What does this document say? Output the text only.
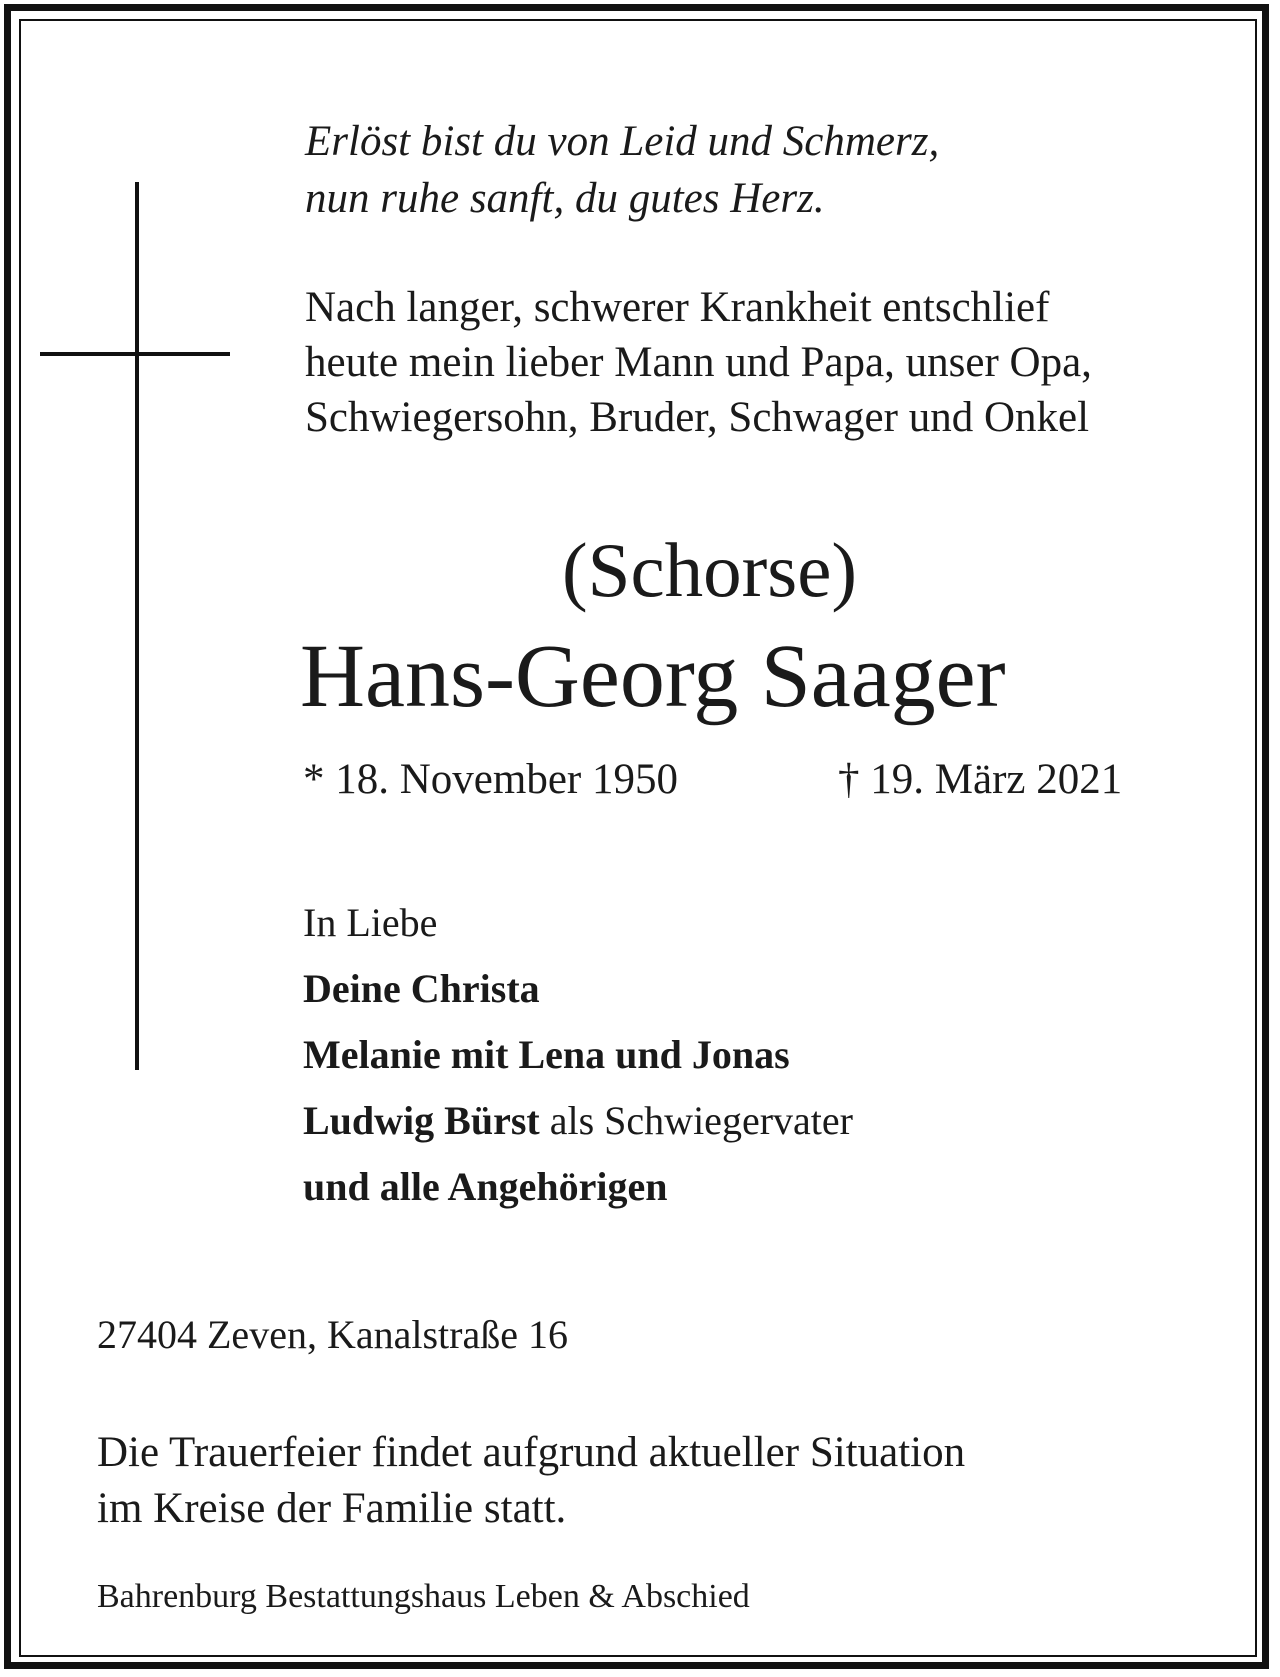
Erlöst bist du von Leid und Schmerz,
nun ruhe sanft, du gutes Herz.
Nach langer, schwerer Krankheit entschlief
heute mein lieber Mann und Papa, unser Opa,
Schwiegersohn, Bruder, Schwager und Onkel
(Schorse)
Hans-Georg Saager
* 18. November 1950	† 19. März 2021
In Liebe
Deine Christa
Melanie mit Lena und Jonas
Ludwig Bürst als Schwiegervater
und alle Angehörigen
27404 Zeven, Kanalstraße 16
Die Trauerfeier findet aufgrund aktueller Situation
im Kreise der Familie statt.
Bahrenburg Bestattungshaus Leben & Abschied
